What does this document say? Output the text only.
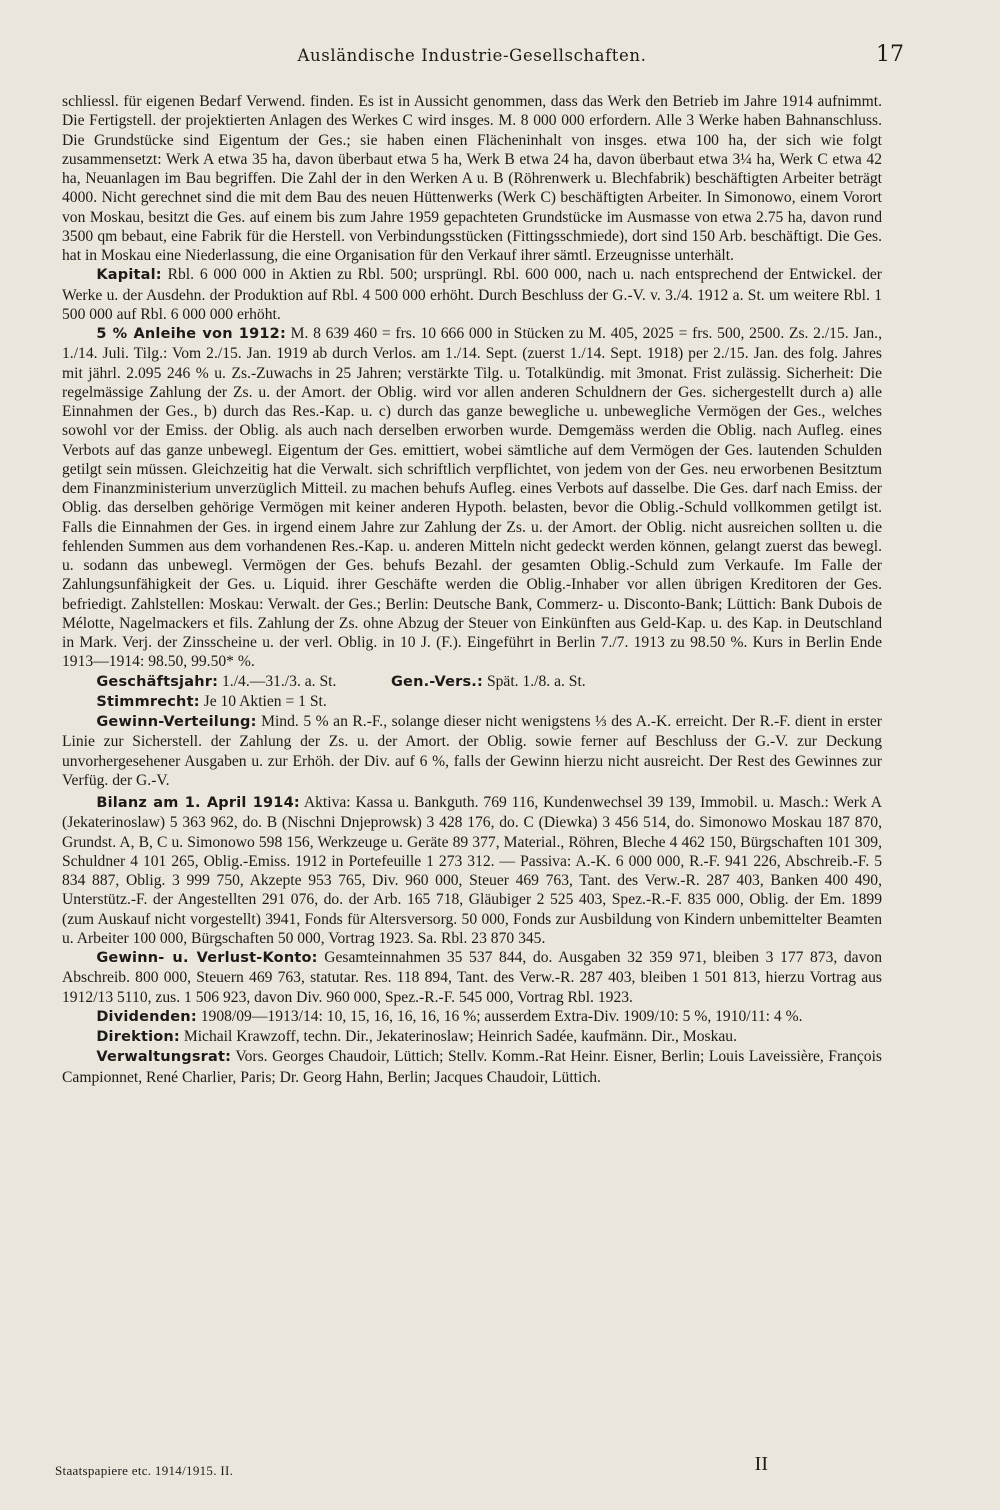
Ausländische Industrie-Gesellschaften.	17

schliessl. für eigenen Bedarf Verwend. finden. Es ist in Aussicht genommen, dass das Werk den Betrieb im Jahre 1914 aufnimmt. Die Fertigstell. der projektierten Anlagen des Werkes C wird insges. M. 8 000 000 erfordern. Alle 3 Werke haben Bahnanschluss. Die Grundstücke sind Eigentum der Ges.; sie haben einen Flächeninhalt von insges. etwa 100 ha, der sich wie folgt zusammensetzt: Werk A etwa 35 ha, davon überbaut etwa 5 ha, Werk B etwa 24 ha, davon überbaut etwa 3¼ ha, Werk C etwa 42 ha, Neuanlagen im Bau begriffen. Die Zahl der in den Werken A u. B (Röhrenwerk u. Blechfabrik) beschäftigten Arbeiter beträgt 4000. Nicht gerechnet sind die mit dem Bau des neuen Hüttenwerks (Werk C) beschäftigten Arbeiter. In Simonowo, einem Vorort von Moskau, besitzt die Ges. auf einem bis zum Jahre 1959 gepachteten Grundstücke im Ausmasse von etwa 2.75 ha, davon rund 3500 qm bebaut, eine Fabrik für die Herstell. von Verbindungsstücken (Fittingsschmiede), dort sind 150 Arb. beschäftigt. Die Ges. hat in Moskau eine Niederlassung, die eine Organisation für den Verkauf ihrer sämtl. Erzeugnisse unterhält.

Kapital: Rbl. 6 000 000 in Aktien zu Rbl. 500; ursprüngl. Rbl. 600 000, nach u. nach entsprechend der Entwickel. der Werke u. der Ausdehn. der Produktion auf Rbl. 4 500 000 erhöht. Durch Beschluss der G.-V. v. 3./4. 1912 a. St. um weitere Rbl. 1 500 000 auf Rbl. 6 000 000 erhöht.

5 % Anleihe von 1912: M. 8 639 460 = frs. 10 666 000 in Stücken zu M. 405, 2025 = frs. 500, 2500. Zs. 2./15. Jan., 1./14. Juli. Tilg.: Vom 2./15. Jan. 1919 ab durch Verlos. am 1./14. Sept. (zuerst 1./14. Sept. 1918) per 2./15. Jan. des folg. Jahres mit jährl. 2.095 246 % u. Zs.-Zuwachs in 25 Jahren; verstärkte Tilg. u. Totalkündig. mit 3monat. Frist zulässig. Sicherheit: Die regelmässige Zahlung der Zs. u. der Amort. der Oblig. wird vor allen anderen Schuldnern der Ges. sichergestellt durch a) alle Einnahmen der Ges., b) durch das Res.-Kap. u. c) durch das ganze bewegliche u. unbewegliche Vermögen der Ges., welches sowohl vor der Emiss. der Oblig. als auch nach derselben erworben wurde. Demgemäss werden die Oblig. nach Aufleg. eines Verbots auf das ganze unbewegl. Eigentum der Ges. emittiert, wobei sämtliche auf dem Vermögen der Ges. lautenden Schulden getilgt sein müssen. Gleichzeitig hat die Verwalt. sich schriftlich verpflichtet, von jedem von der Ges. neu erworbenen Besitztum dem Finanzministerium unverzüglich Mitteil. zu machen behufs Aufleg. eines Verbots auf dasselbe. Die Ges. darf nach Emiss. der Oblig. das derselben gehörige Vermögen mit keiner anderen Hypoth. belasten, bevor die Oblig.-Schuld vollkommen getilgt ist. Falls die Einnahmen der Ges. in irgend einem Jahre zur Zahlung der Zs. u. der Amort. der Oblig. nicht ausreichen sollten u. die fehlenden Summen aus dem vorhandenen Res.-Kap. u. anderen Mitteln nicht gedeckt werden können, gelangt zuerst das bewegl. u. sodann das unbewegl. Vermögen der Ges. behufs Bezahl. der gesamten Oblig.-Schuld zum Verkaufe. Im Falle der Zahlungsunfähigkeit der Ges. u. Liquid. ihrer Geschäfte werden die Oblig.-Inhaber vor allen übrigen Kreditoren der Ges. befriedigt. Zahlstellen: Moskau: Verwalt. der Ges.; Berlin: Deutsche Bank, Commerz- u. Disconto-Bank; Lüttich: Bank Dubois de Mélotte, Nagelmackers et fils. Zahlung der Zs. ohne Abzug der Steuer von Einkünften aus Geld-Kap. u. des Kap. in Deutschland in Mark. Verj. der Zinsscheine u. der verl. Oblig. in 10 J. (F.). Eingeführt in Berlin 7./7. 1913 zu 98.50 %. Kurs in Berlin Ende 1913—1914: 98.50, 99.50* %.

Geschäftsjahr: 1./4.—31./3. a. St.	Gen.-Vers.: Spät. 1./8. a. St.

Stimmrecht: Je 10 Aktien = 1 St.

Gewinn-Verteilung: Mind. 5 % an R.-F., solange dieser nicht wenigstens ⅓ des A.-K. erreicht. Der R.-F. dient in erster Linie zur Sicherstell. der Zahlung der Zs. u. der Amort. der Oblig. sowie ferner auf Beschluss der G.-V. zur Deckung unvorhergesehener Ausgaben u. zur Erhöh. der Div. auf 6 %, falls der Gewinn hierzu nicht ausreicht. Der Rest des Gewinnes zur Verfüg. der G.-V.

Bilanz am 1. April 1914: Aktiva: Kassa u. Bankguth. 769 116, Kundenwechsel 39 139, Immobil. u. Masch.: Werk A (Jekaterinoslaw) 5 363 962, do. B (Nischni Dnjeprowsk) 3 428 176, do. C (Diewka) 3 456 514, do. Simonowo Moskau 187 870, Grundst. A, B, C u. Simonowo 598 156, Werkzeuge u. Geräte 89 377, Material., Röhren, Bleche 4 462 150, Bürgschaften 101 309, Schuldner 4 101 265, Oblig.-Emiss. 1912 in Portefeuille 1 273 312. — Passiva: A.-K. 6 000 000, R.-F. 941 226, Abschreib.-F. 5 834 887, Oblig. 3 999 750, Akzepte 953 765, Div. 960 000, Steuer 469 763, Tant. des Verw.-R. 287 403, Banken 400 490, Unterstütz.-F. der Angestellten 291 076, do. der Arb. 165 718, Gläubiger 2 525 403, Spez.-R.-F. 835 000, Oblig. der Em. 1899 (zum Auskauf nicht vorgestellt) 3941, Fonds für Altersversorg. 50 000, Fonds zur Ausbildung von Kindern unbemittelter Beamten u. Arbeiter 100 000, Bürgschaften 50 000, Vortrag 1923. Sa. Rbl. 23 870 345.

Gewinn- u. Verlust-Konto: Gesamteinnahmen 35 537 844, do. Ausgaben 32 359 971, bleiben 3 177 873, davon Abschreib. 800 000, Steuern 469 763, statutar. Res. 118 894, Tant. des Verw.-R. 287 403, bleiben 1 501 813, hierzu Vortrag aus 1912/13 5110, zus. 1 506 923, davon Div. 960 000, Spez.-R.-F. 545 000, Vortrag Rbl. 1923.

Dividenden: 1908/09—1913/14: 10, 15, 16, 16, 16, 16 %; ausserdem Extra-Div. 1909/10: 5 %, 1910/11: 4 %.

Direktion: Michail Krawzoff, techn. Dir., Jekaterinoslaw; Heinrich Sadée, kaufmänn. Dir., Moskau.

Verwaltungsrat: Vors. Georges Chaudoir, Lüttich; Stellv. Komm.-Rat Heinr. Eisner, Berlin; Louis Laveissière, François Campionnet, René Charlier, Paris; Dr. Georg Hahn, Berlin; Jacques Chaudoir, Lüttich.

Staatspapiere etc. 1914/1915. II.	II
